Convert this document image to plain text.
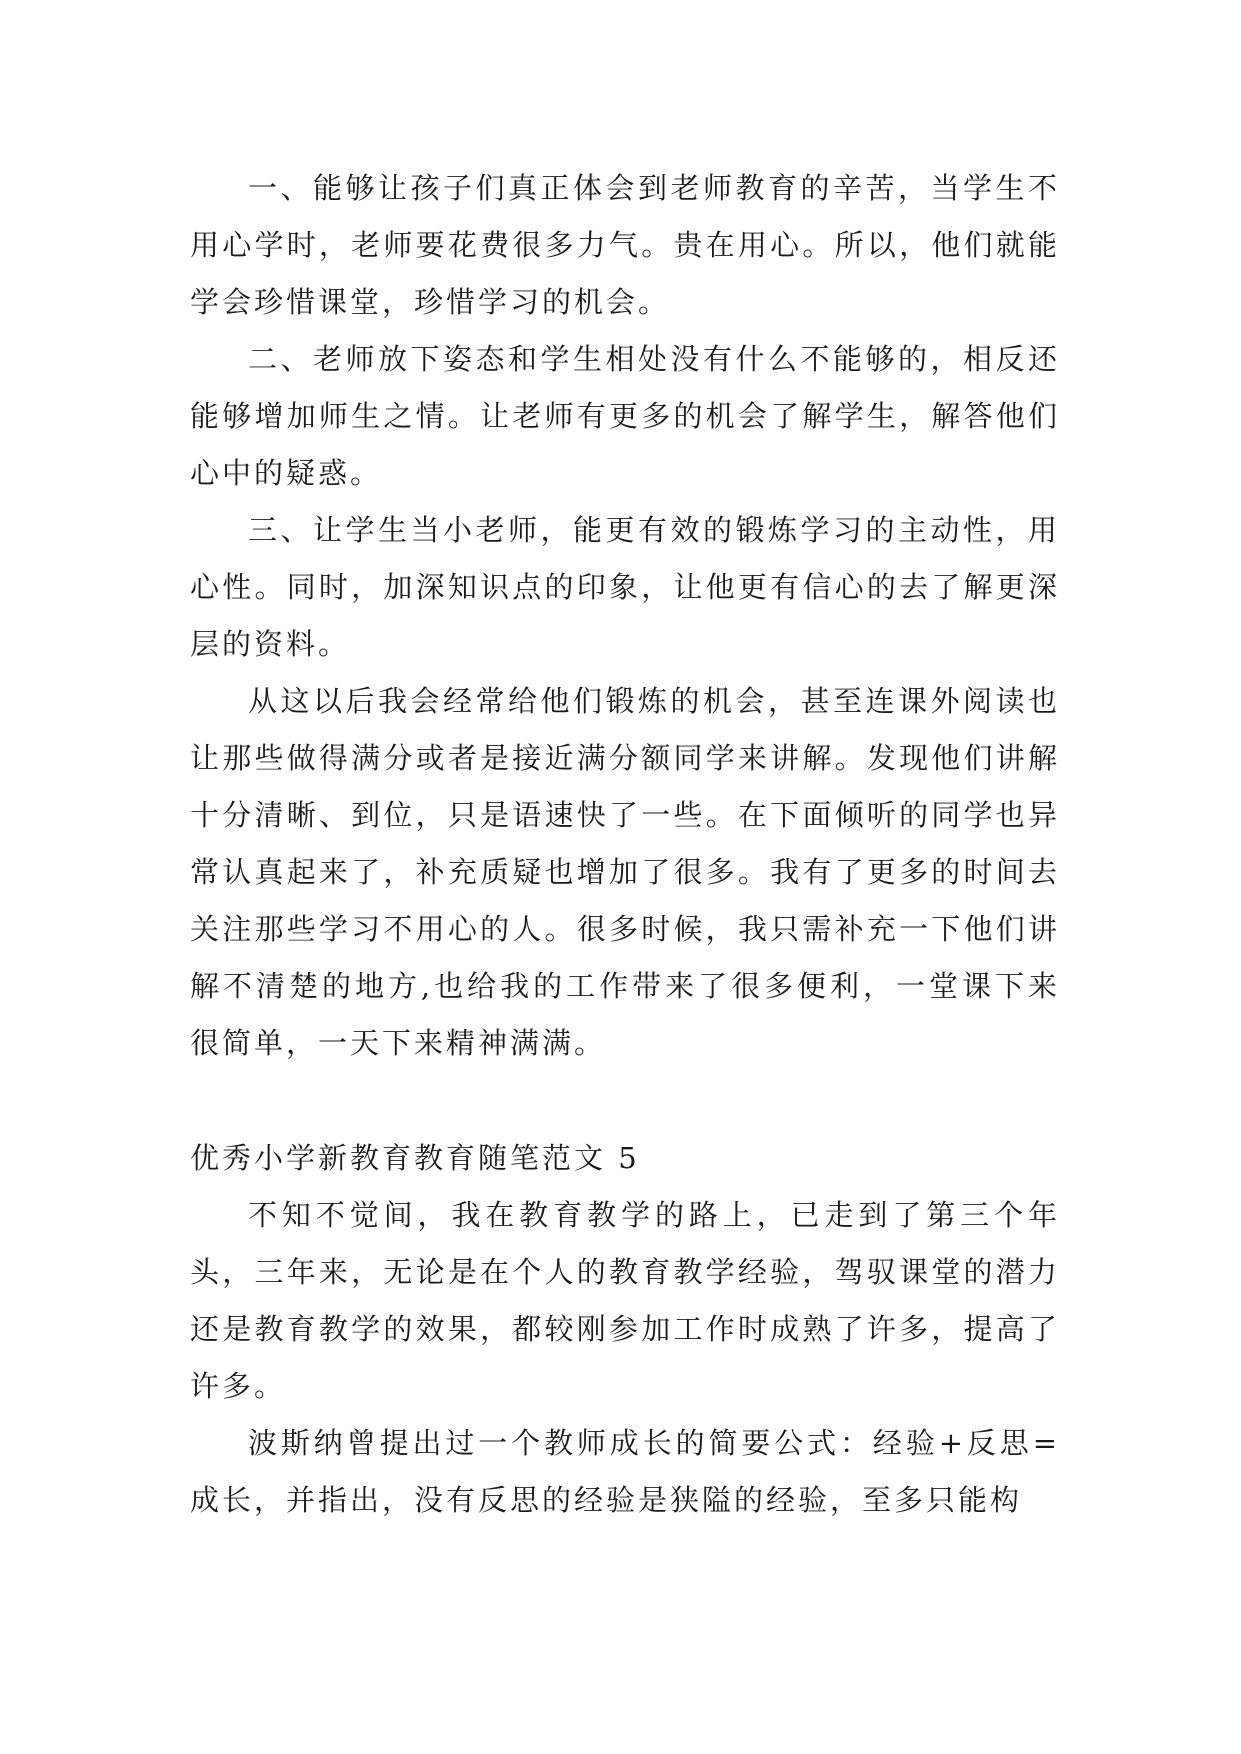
一、能够让孩子们真正体会到老师教育的辛苦，当学生不用心学时，老师要花费很多力气。贵在用心。所以，他们就能学会珍惜课堂，珍惜学习的机会。

二、老师放下姿态和学生相处没有什么不能够的，相反还能够增加师生之情。让老师有更多的机会了解学生，解答他们心中的疑惑。

三、让学生当小老师，能更有效的锻炼学习的主动性，用心性。同时，加深知识点的印象，让他更有信心的去了解更深层的资料。

从这以后我会经常给他们锻炼的机会，甚至连课外阅读也让那些做得满分或者是接近满分额同学来讲解。发现他们讲解十分清晰、到位，只是语速快了一些。在下面倾听的同学也异常认真起来了，补充质疑也增加了很多。我有了更多的时间去关注那些学习不用心的人。很多时候，我只需补充一下他们讲解不清楚的地方,也给我的工作带来了很多便利，一堂课下来很简单，一天下来精神满满。

优秀小学新教育教育随笔范文 5

不知不觉间，我在教育教学的路上，已走到了第三个年头，三年来，无论是在个人的教育教学经验，驾驭课堂的潜力还是教育教学的效果，都较刚参加工作时成熟了许多，提高了许多。

波斯纳曾提出过一个教师成长的简要公式：经验+反思=成长，并指出，没有反思的经验是狭隘的经验，至多只能构
